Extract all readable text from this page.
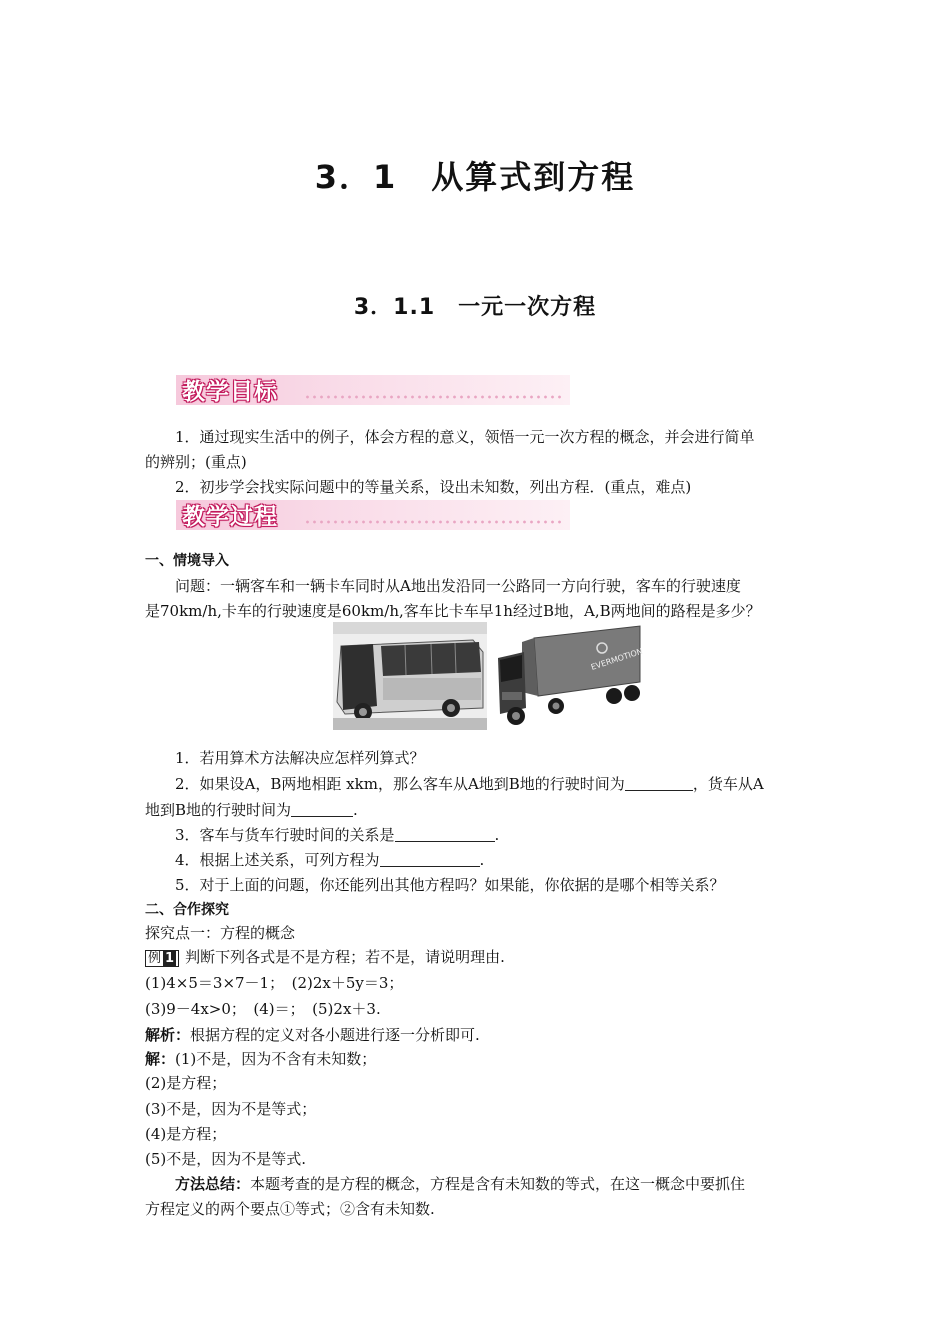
3．1　从算式到方程
3．1.1　一元一次方程
教学目标
1．通过现实生活中的例子，体会方程的意义，领悟一元一次方程的概念，并会进行简单
的辨别；(重点)
2．初步学会找实际问题中的等量关系，设出未知数，列出方程．(重点，难点)
教学过程
一、情境导入
问题：一辆客车和一辆卡车同时从A地出发沿同一公路同一方向行驶，客车的行驶速度
是70km/h,卡车的行驶速度是60km/h,客车比卡车早1h经过B地，A,B两地间的路程是多少？
EVERMOTION
1．若用算术方法解决应怎样列算式？
2．如果设A，B两地相距 xkm，那么客车从A地到B地的行驶时间为	，货车从A
地到B地的行驶时间为	.
3．客车与货车行驶时间的关系是	.
4．根据上述关系，可列方程为	.
5．对于上面的问题，你还能列出其他方程吗？如果能，你依据的是哪个相等关系？
二、合作探究
探究点一：方程的概念
例 1 判断下列各式是不是方程；若不是，请说明理由.
(1)4×5＝3×7－1；　(2)2x＋5y＝3；
(3)9－4x>0；　(4)＝；　(5)2x＋3.
解析：根据方程的定义对各小题进行逐一分析即可.
解：(1)不是，因为不含有未知数；
(2)是方程；
(3)不是，因为不是等式；
(4)是方程；
(5)不是，因为不是等式.
方法总结：本题考查的是方程的概念，方程是含有未知数的等式，在这一概念中要抓住
方程定义的两个要点①等式；②含有未知数.
